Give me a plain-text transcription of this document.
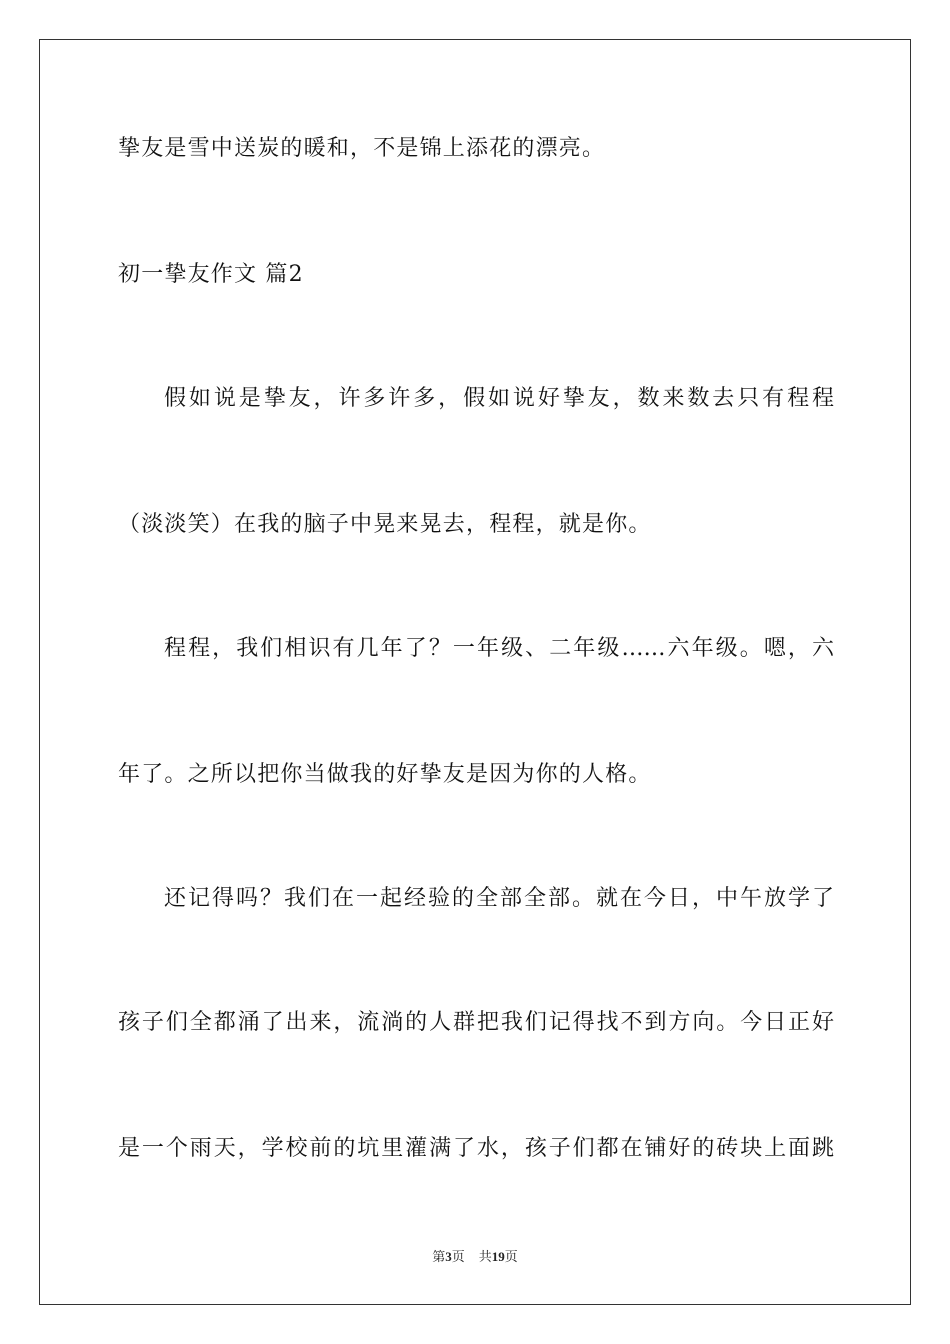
挚友是雪中送炭的暖和，不是锦上添花的漂亮。
初一挚友作文 篇2
假如说是挚友，许多许多，假如说好挚友，数来数去只有程程
（淡淡笑）在我的脑子中晃来晃去，程程，就是你。
程程，我们相识有几年了？一年级、二年级……六年级。嗯，六
年了。之所以把你当做我的好挚友是因为你的人格。
还记得吗？我们在一起经验的全部全部。就在今日，中午放学了
孩子们全都涌了出来，流淌的人群把我们记得找不到方向。今日正好
是一个雨天，学校前的坑里灌满了水，孩子们都在铺好的砖块上面跳
第3页 共19页
